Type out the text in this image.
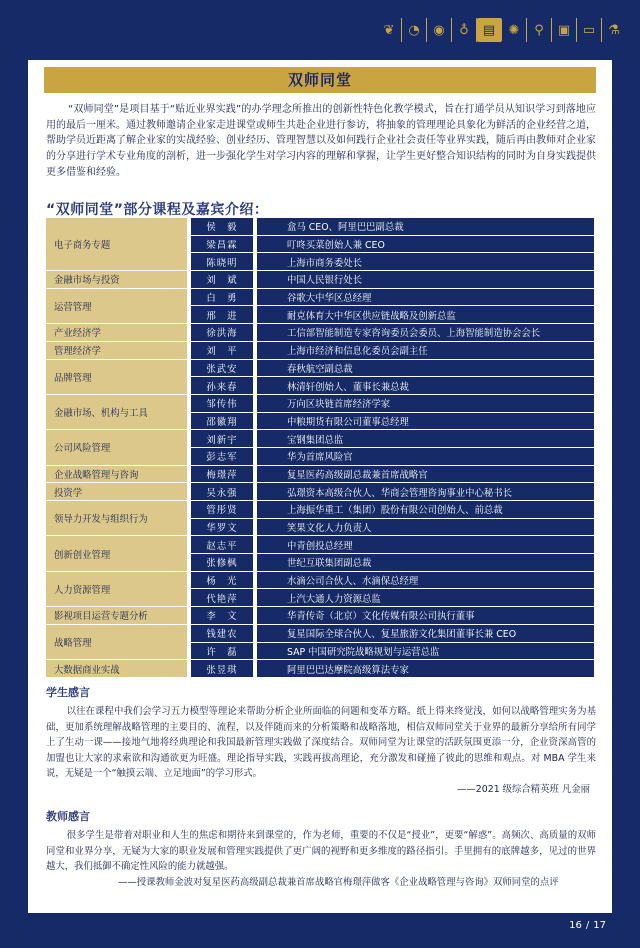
❦	◔	◉	♁	▤	✺	⚲	▣ ▭	⚗
双师同堂

“双师同堂”是项目基于“贴近业界实践”的办学理念所推出的创新性特色化教学模式，旨在打通学员从知识学习到落地应用的最后一厘米。通过教师邀请企业家走进课堂或师生共赴企业进行参访，将抽象的管理理论具象化为鲜活的企业经营之道，帮助学员近距离了解企业家的实战经验、创业经历、管理智慧以及如何践行企业社会责任等业界实践，随后再由教师对企业家的分享进行学术专业角度的剖析，进一步强化学生对学习内容的理解和掌握，让学生更好整合知识结构的同时为自身实践提供更多借鉴和经验。

“双师同堂”部分课程及嘉宾介绍：
电子商务专题	侯　毅	盒马 CEO、阿里巴巴副总裁
	梁昌霖	叮咚买菜创始人兼 CEO
	陈晓明	上海市商务委处长
金融市场与投资	刘　斌	中国人民银行处长
运营管理	白　勇	谷歌大中华区总经理
	邢　进	耐克体育大中华区供应链战略及创新总监
产业经济学	徐洪海	工信部智能制造专家咨询委员会委员、上海智能制造协会会长
管理经济学	刘　平	上海市经济和信息化委员会副主任
品牌管理	张武安	春秋航空副总裁
	孙来春	林清轩创始人、董事长兼总裁
金融市场、机构与工具	邹传伟	万向区块链首席经济学家
	邵徽翔	中粮期货有限公司董事总经理
公司风险管理	刘新宇	宝钢集团总监
	彭志军	华为首席风险官
企业战略管理与咨询	梅璟萍	复星医药高级副总裁兼首席战略官
投资学	吴永强	弘璟资本高级合伙人、华商会管理咨询事业中心秘书长
领导力开发与组织行为	管彤贤	上海振华重工（集团）股份有限公司创始人、前总裁
	华罗文	笑果文化人力负责人
创新创业管理	赵志平	中青创投总经理
	张修枫	世纪互联集团副总裁
人力资源管理	杨　光	水滴公司合伙人、水滴保总经理
	代艳萍	上汽大通人力资源总监
影视项目运营专题分析	李　文	华青传奇（北京）文化传媒有限公司执行董事
战略管理	钱建农	复星国际全球合伙人、复星旅游文化集团董事长兼 CEO
	许　磊	SAP 中国研究院战略规划与运营总监
大数据商业实战	张昱琪	阿里巴巴达摩院高级算法专家
学生感言

以往在课程中我们会学习五力模型等理论来帮助分析企业所面临的问题和变革方略。纸上得来终觉浅，如何以战略管理实务为基础，更加系统理解战略管理的主要目的、流程，以及伴随而来的分析策略和战略落地，相信双师同堂关于业界的最新分享给所有同学上了生动一课——接地气地将经典理论和我国最新管理实践做了深度结合。双师同堂为让课堂的活跃氛围更添一分，企业资深高管的加盟也让大家的求索欲和沟通欲更为旺盛。理论指导实践，实践再拔高理论，充分激发和碰撞了彼此的思维和观点。对 MBA 学生来说，无疑是一个“触摸云端、立足地面”的学习形式。

——2021 级综合精英班 凡金丽
教师感言

很多学生是带着对职业和人生的焦虑和期待来到课堂的，作为老师，重要的不仅是“授业”，更要“解惑”。高频次、高质量的双师同堂和业界分享，无疑为大家的职业发展和管理实践提供了更广阔的视野和更多维度的路径指引。手里拥有的底牌越多，见过的世界越大，我们抵御不确定性风险的能力就越强。

——授课教师金波对复星医药高级副总裁兼首席战略官梅璟萍做客《企业战略管理与咨询》双师同堂的点评
16 / 17
